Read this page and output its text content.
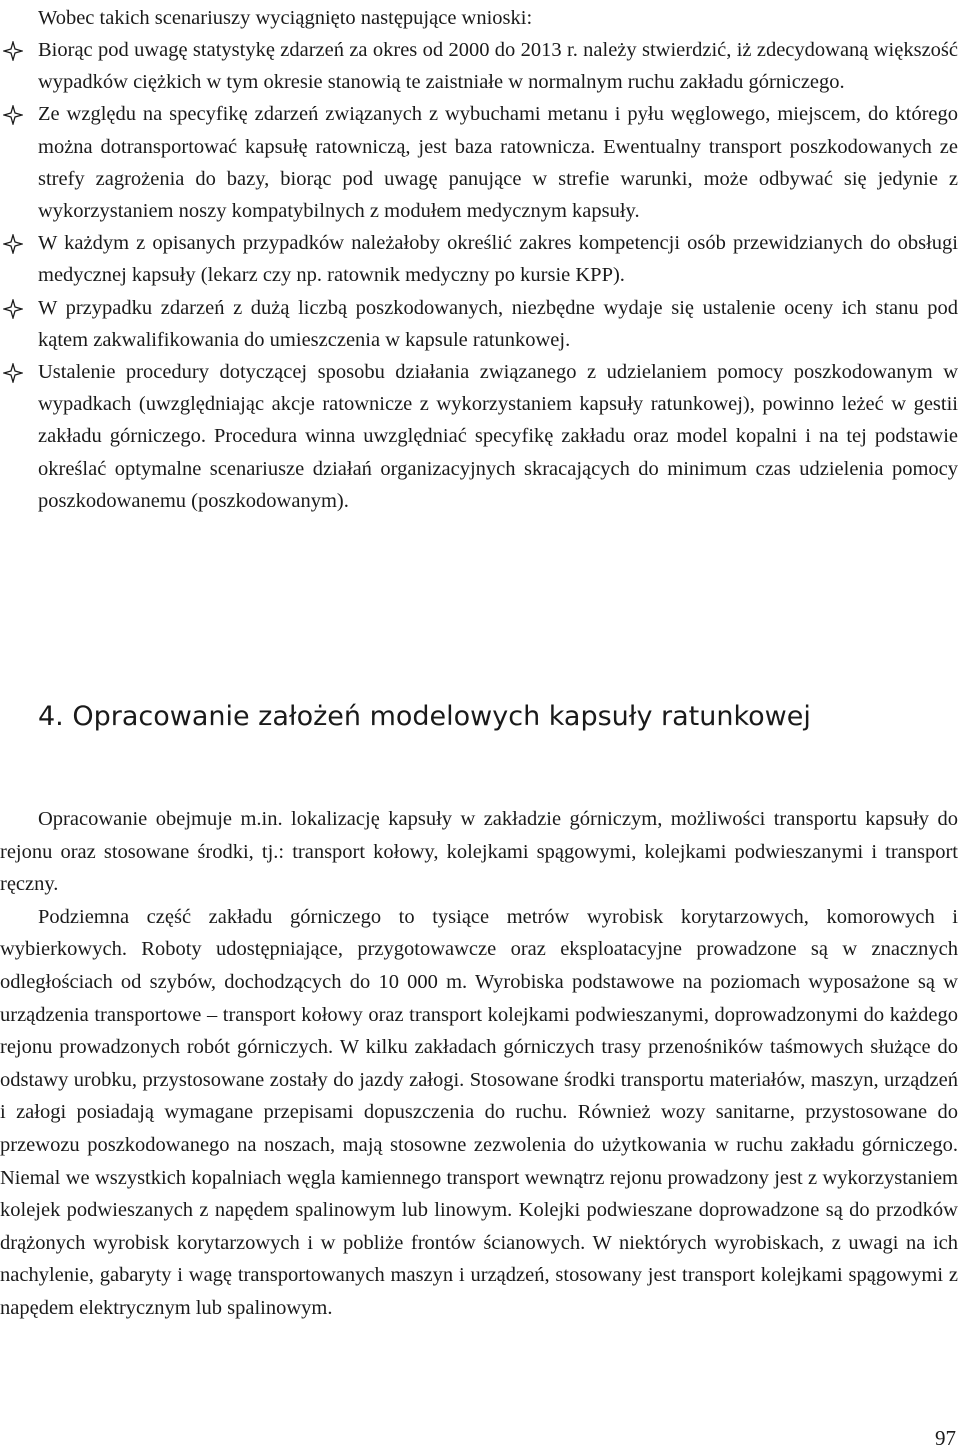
Wobec takich scenariuszy wyciągnięto następujące wnioski:

Biorąc pod uwagę statystykę zdarzeń za okres od 2000 do 2013 r. należy stwierdzić, iż zdecydowaną większość wypadków ciężkich w tym okresie stanowią te zaistniałe w normalnym ruchu zakładu górniczego.
Ze względu na specyfikę zdarzeń związanych z wybuchami metanu i pyłu węglowego, miejscem, do którego można dotransportować kapsułę ratowniczą, jest baza ratownicza. Ewentualny transport poszkodowanych ze strefy zagrożenia do bazy, biorąc pod uwagę panujące w strefie warunki, może odbywać się jedynie z wykorzystaniem noszy kompatybilnych z modułem medycznym kapsuły.
W każdym z opisanych przypadków należałoby określić zakres kompetencji osób przewidzianych do obsługi medycznej kapsuły (lekarz czy np. ratownik medyczny po kursie KPP).
W przypadku zdarzeń z dużą liczbą poszkodowanych, niezbędne wydaje się ustalenie oceny ich stanu pod kątem zakwalifikowania do umieszczenia w kapsule ratunkowej.
Ustalenie procedury dotyczącej sposobu działania związanego z udzielaniem pomocy poszkodowanym w wypadkach (uwzględniając akcje ratownicze z wykorzystaniem kapsuły ratunkowej), powinno leżeć w gestii zakładu górniczego. Procedura winna uwzględniać specyfikę zakładu oraz model kopalni i na tej podstawie określać optymalne scenariusze działań organizacyjnych skracających do minimum czas udzielenia pomocy poszkodowanemu (poszkodowanym).
4. Opracowanie założeń modelowych kapsuły ratunkowej

Opracowanie obejmuje m.in. lokalizację kapsuły w zakładzie górniczym, możliwości transportu kapsuły do rejonu oraz stosowane środki, tj.: transport kołowy, kolejkami spągowymi, kolejkami podwieszanymi i transport ręczny.

Podziemna część zakładu górniczego to tysiące metrów wyrobisk korytarzowych, komorowych i wybierkowych. Roboty udostępniające, przygotowawcze oraz eksploatacyjne prowadzone są w znacznych odległościach od szybów, dochodzących do 10 000 m. Wyrobiska podstawowe na poziomach wyposażone są w urządzenia transportowe – transport kołowy oraz transport kolejkami podwieszanymi, doprowadzonymi do każdego rejonu prowadzonych robót górniczych. W kilku zakładach górniczych trasy przenośników taśmowych służące do odstawy urobku, przystosowane zostały do jazdy załogi. Stosowane środki transportu materiałów, maszyn, urządzeń i załogi posiadają wymagane przepisami dopuszczenia do ruchu. Również wozy sanitarne, przystosowane do przewozu poszkodowanego na noszach, mają stosowne zezwolenia do użytkowania w ruchu zakładu górniczego. Niemal we wszystkich kopalniach węgla kamiennego transport wewnątrz rejonu prowadzony jest z wykorzystaniem kolejek podwieszanych z napędem spalinowym lub linowym. Kolejki podwieszane doprowadzone są do przodków drążonych wyrobisk korytarzowych i w pobliże frontów ścianowych. W niektórych wyrobiskach, z uwagi na ich nachylenie, gabaryty i wagę transportowanych maszyn i urządzeń, stosowany jest transport kolejkami spągowymi z napędem elektrycznym lub spalinowym.

97
